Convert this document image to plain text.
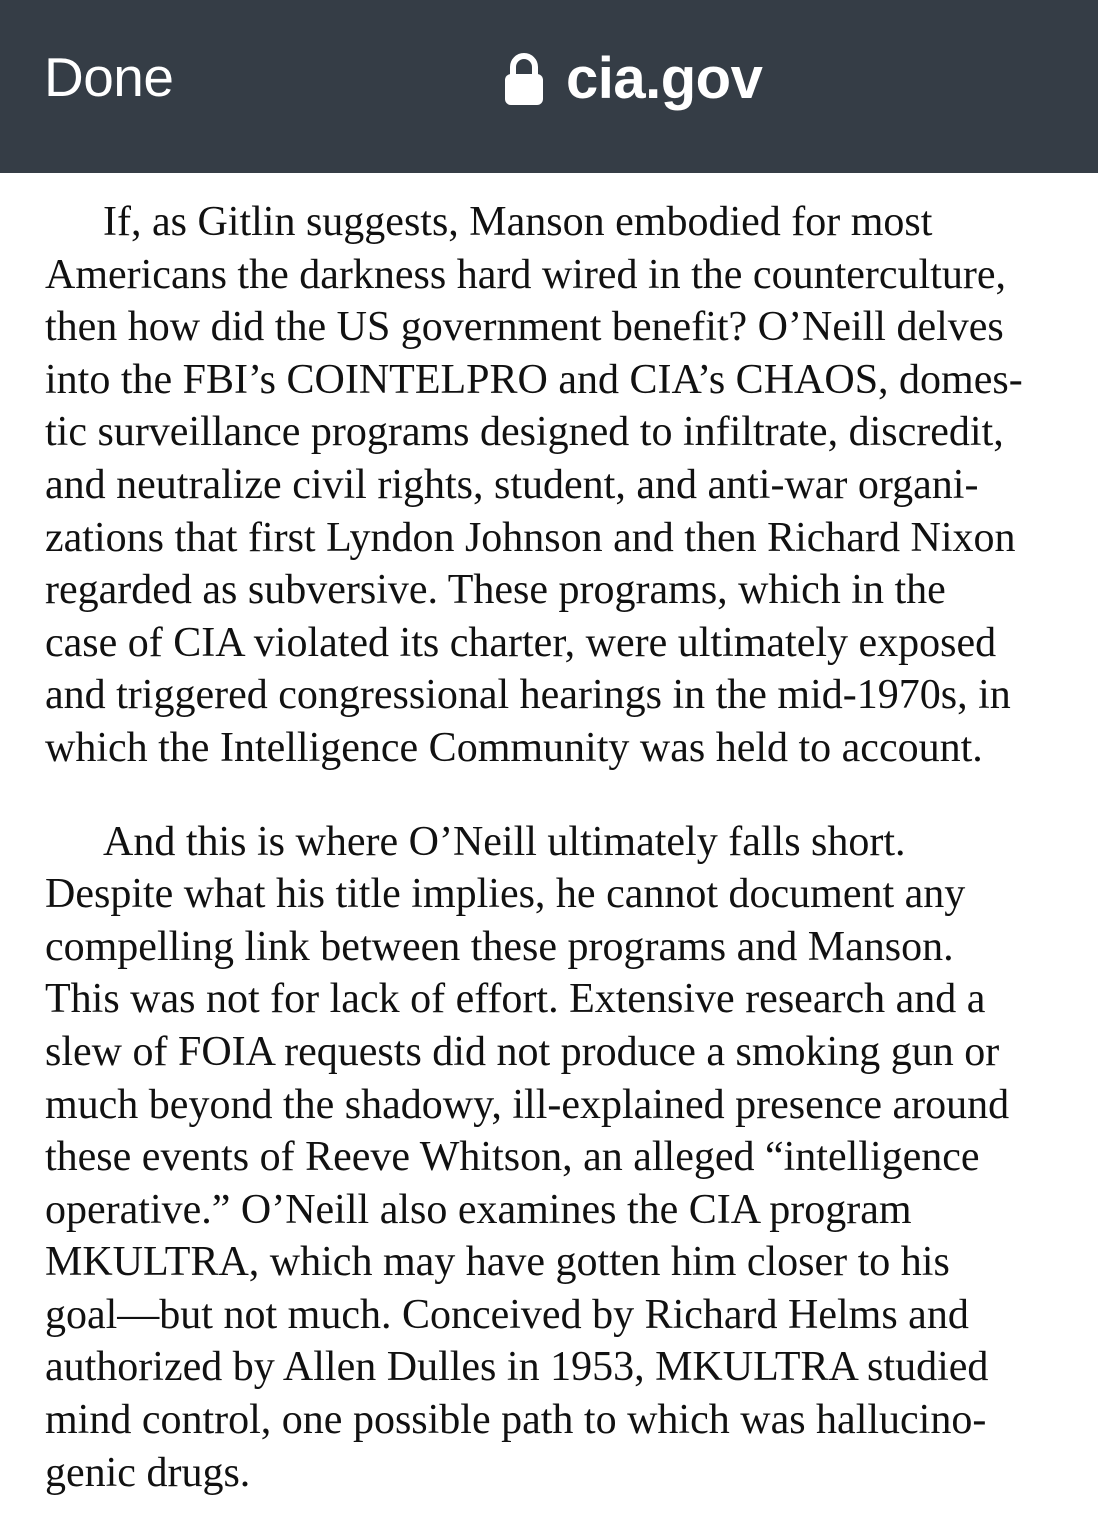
Done	cia.gov
If, as Gitlin suggests, Manson embodied for most
Americans the darkness hard wired in the counterculture,
then how did the US government benefit? O’Neill delves
into the FBI’s COINTELPRO and CIA’s CHAOS, domes-
tic surveillance programs designed to infiltrate, discredit,
and neutralize civil rights, student, and anti-war organi-
zations that first Lyndon Johnson and then Richard Nixon
regarded as subversive. These programs, which in the
case of CIA violated its charter, were ultimately exposed
and triggered congressional hearings in the mid-1970s, in
which the Intelligence Community was held to account.
And this is where O’Neill ultimately falls short.
Despite what his title implies, he cannot document any
compelling link between these programs and Manson.
This was not for lack of effort. Extensive research and a
slew of FOIA requests did not produce a smoking gun or
much beyond the shadowy, ill-explained presence around
these events of Reeve Whitson, an alleged “intelligence
operative.” O’Neill also examines the CIA program
MKULTRA, which may have gotten him closer to his
goal—but not much. Conceived by Richard Helms and
authorized by Allen Dulles in 1953, MKULTRA studied
mind control, one possible path to which was hallucino-
genic drugs.
